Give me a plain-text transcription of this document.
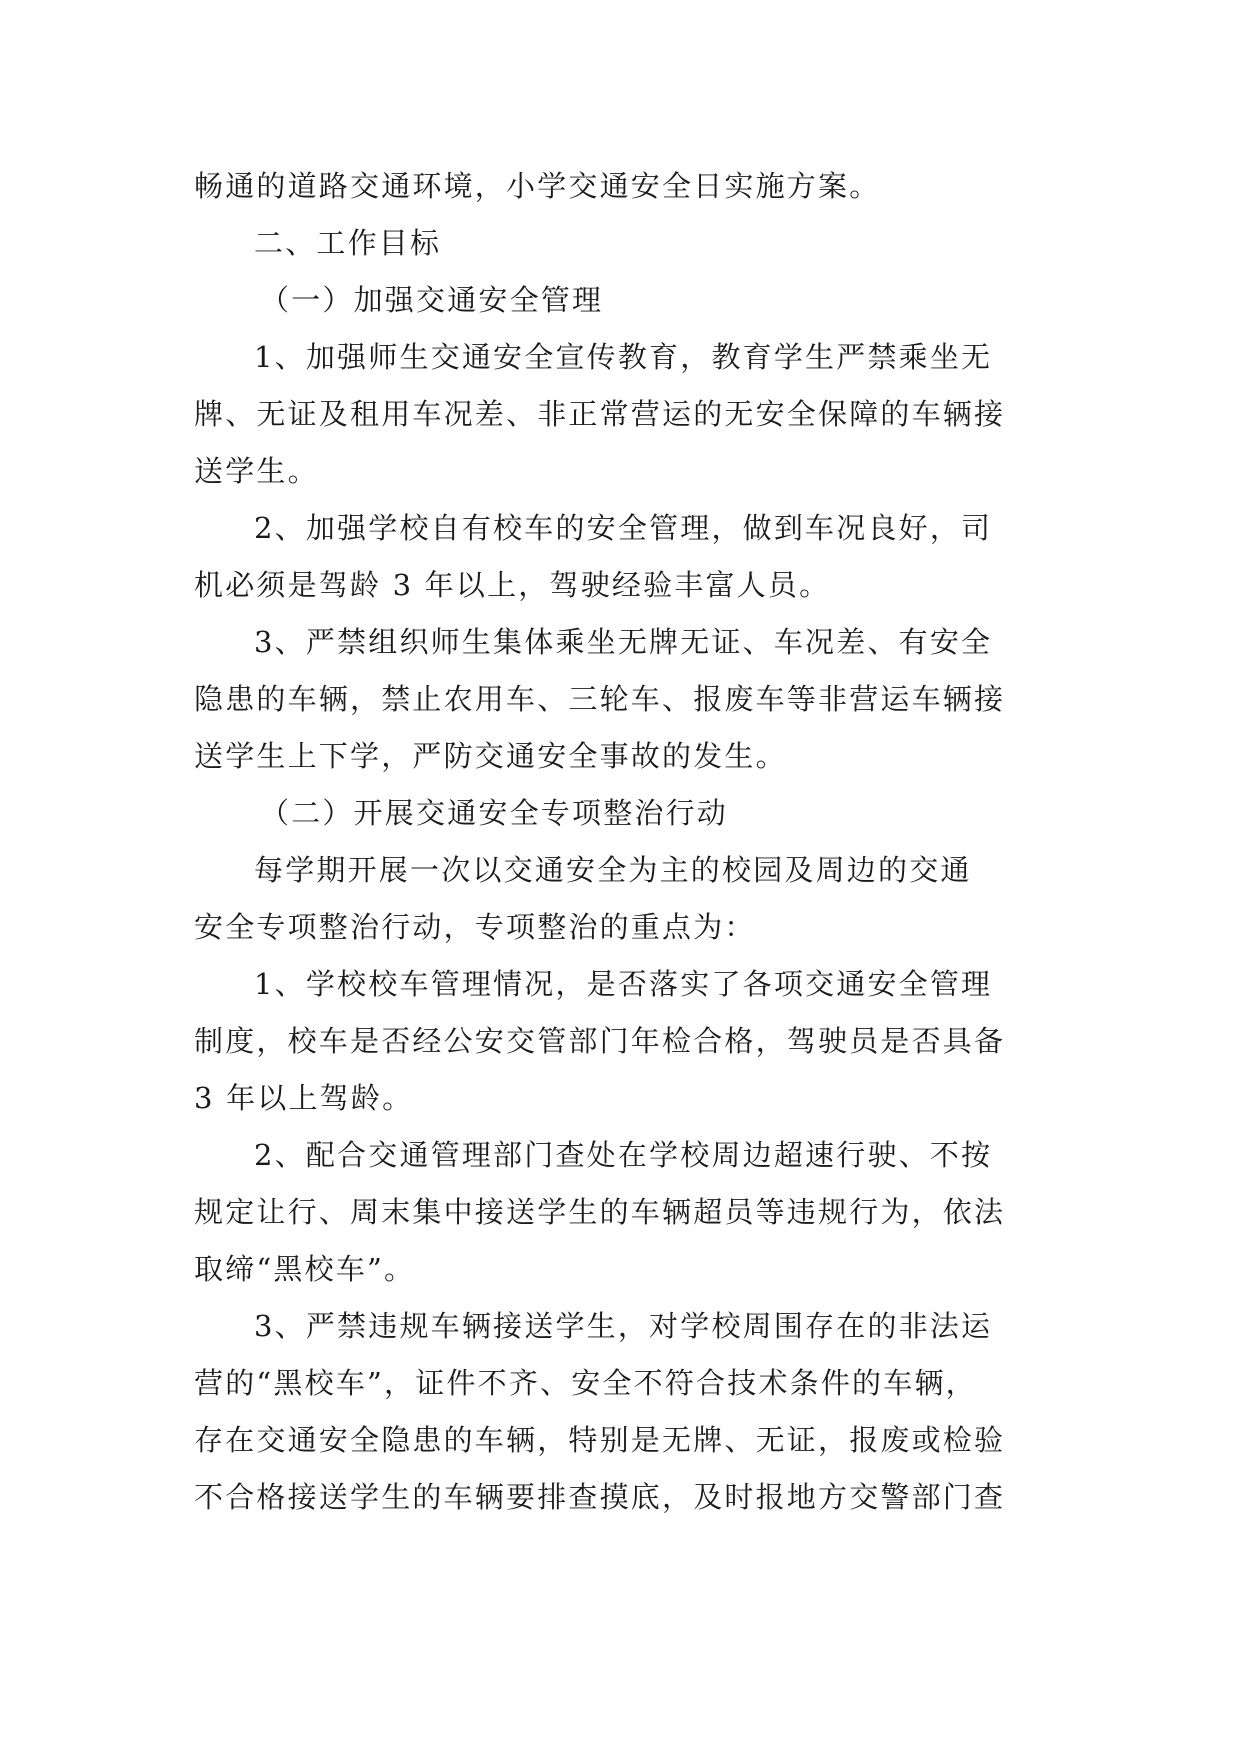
畅通的道路交通环境，小学交通安全日实施方案。
二、工作目标
（一）加强交通安全管理
1、加强师生交通安全宣传教育，教育学生严禁乘坐无
牌、无证及租用车况差、非正常营运的无安全保障的车辆接
送学生。
2、加强学校自有校车的安全管理，做到车况良好，司
机必须是驾龄 3 年以上，驾驶经验丰富人员。
3、严禁组织师生集体乘坐无牌无证、车况差、有安全
隐患的车辆，禁止农用车、三轮车、报废车等非营运车辆接
送学生上下学，严防交通安全事故的发生。
（二）开展交通安全专项整治行动
每学期开展一次以交通安全为主的校园及周边的交通
安全专项整治行动，专项整治的重点为：
1、学校校车管理情况，是否落实了各项交通安全管理
制度，校车是否经公安交管部门年检合格，驾驶员是否具备
3 年以上驾龄。
2、配合交通管理部门查处在学校周边超速行驶、不按
规定让行、周末集中接送学生的车辆超员等违规行为，依法
取缔“黑校车”。
3、严禁违规车辆接送学生，对学校周围存在的非法运
营的“黑校车”，证件不齐、安全不符合技术条件的车辆，
存在交通安全隐患的车辆，特别是无牌、无证，报废或检验
不合格接送学生的车辆要排查摸底，及时报地方交警部门查
